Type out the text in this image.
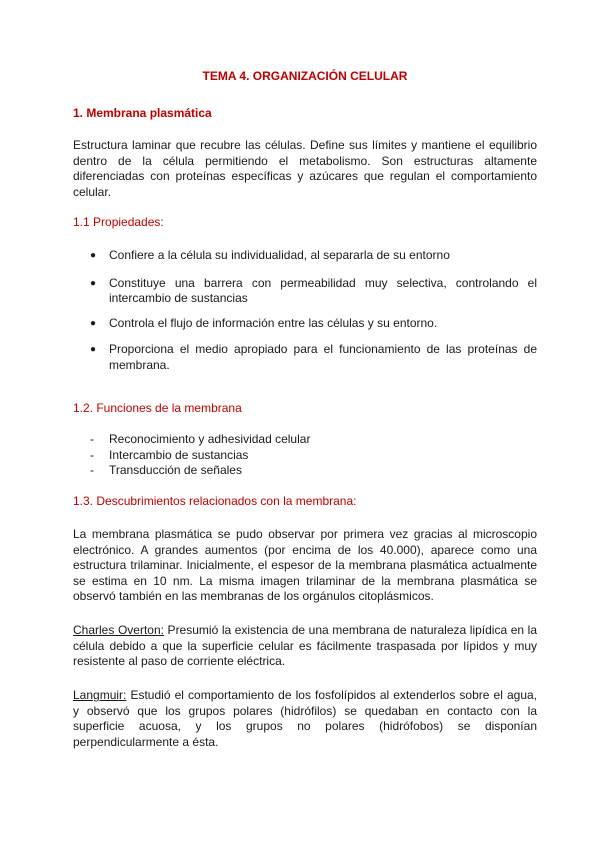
TEMA 4. ORGANIZACIÓN CELULAR
1. Membrana plasmática

Estructura laminar que recubre las células. Define sus límites y mantiene el equilibrio dentro de la célula permitiendo el metabolismo. Son estructuras altamente diferenciadas con proteínas específicas y azúcares que regulan el comportamiento celular.

1.1 Propiedades:
● Confiere a la célula su individualidad, al separarla de su entorno
● Constituye una barrera con permeabilidad muy selectiva, controlando el intercambio de sustancias
● Controla el flujo de información entre las células y su entorno.
● Proporciona el medio apropiado para el funcionamiento de las proteínas de membrana.
1.2. Funciones de la membrana
- Reconocimiento y adhesividad celular
- Intercambio de sustancias
- Transducción de señales
1.3. Descubrimientos relacionados con la membrana:

La membrana plasmática se pudo observar por primera vez gracias al microscopio electrónico. A grandes aumentos (por encima de los 40.000), aparece como una estructura trilaminar. Inicialmente, el espesor de la membrana plasmática actualmente se estima en 10 nm. La misma imagen trilaminar de la membrana plasmática se observó también en las membranas de los orgánulos citoplásmicos.

Charles Overton: Presumió la existencia de una membrana de naturaleza lipídica en la célula debido a que la superficie celular es fácilmente traspasada por lípidos y muy resistente al paso de corriente eléctrica.

Langmuir: Estudió el comportamiento de los fosfolípidos al extenderlos sobre el agua, y observó que los grupos polares (hidrófilos) se quedaban en contacto con la superficie acuosa, y los grupos no polares (hidrófobos) se disponían perpendicularmente a ésta.
